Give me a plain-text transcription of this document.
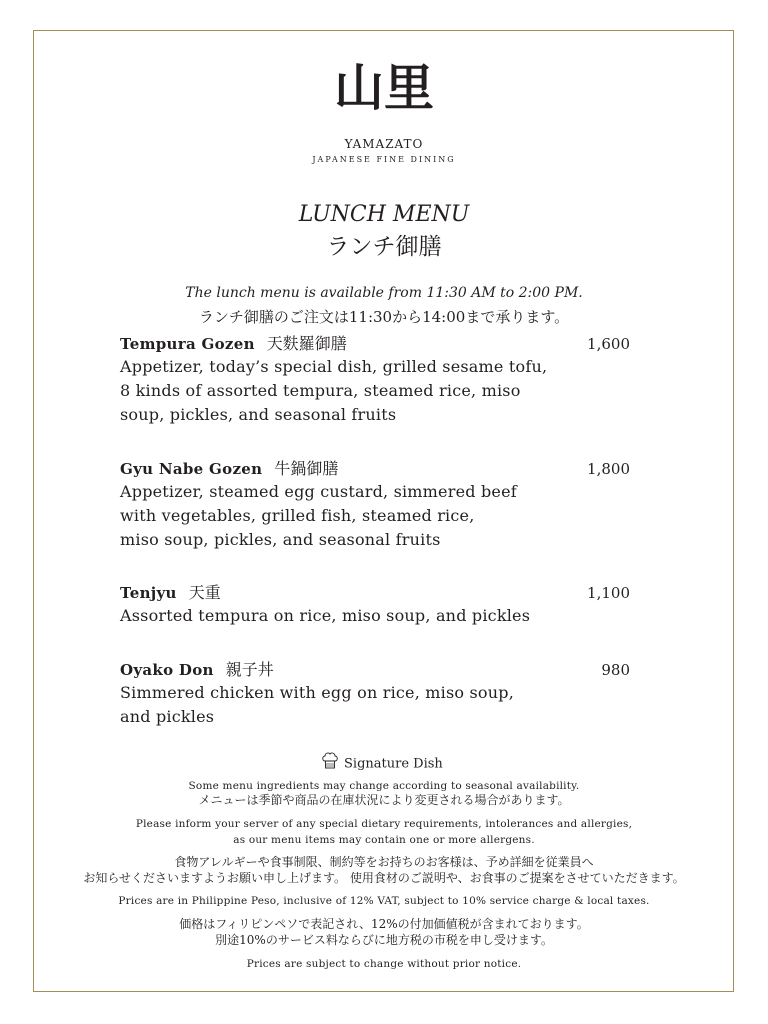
山里
YAMAZATO
JAPANESE FINE DINING
LUNCH MENU
ランチ御膳
The lunch menu is available from 11:30 AM to 2:00 PM.
ランチ御膳のご注文は11:30から14:00まで承ります。
Tempura Gozen 天麩羅御膳	1,600
Appetizer, today’s special dish, grilled sesame tofu,
8 kinds of assorted tempura, steamed rice, miso
soup, pickles, and seasonal fruits
Gyu Nabe Gozen 牛鍋御膳	1,800
Appetizer, steamed egg custard, simmered beef
with vegetables, grilled fish, steamed rice,
miso soup, pickles, and seasonal fruits
Tenjyu 天重	1,100
Assorted tempura on rice, miso soup, and pickles
Oyako Don 親子丼	980
Simmered chicken with egg on rice, miso soup,
and pickles
Signature Dish
Some menu ingredients may change according to seasonal availability.
メニューは季節や商品の在庫状況により変更される場合があります。
Please inform your server of any special dietary requirements, intolerances and allergies,
as our menu items may contain one or more allergens.
食物アレルギーや食事制限、制約等をお持ちのお客様は、予め詳細を従業員へ
お知らせくださいますようお願い申し上げます。 使用食材のご説明や、お食事のご提案をさせていただきます。
Prices are in Philippine Peso, inclusive of 12% VAT, subject to 10% service charge & local taxes.
価格はフィリピンペソで表記され、12%の付加価値税が含まれております。
別途10%のサービス料ならびに地方税の市税を申し受けます。
Prices are subject to change without prior notice.
